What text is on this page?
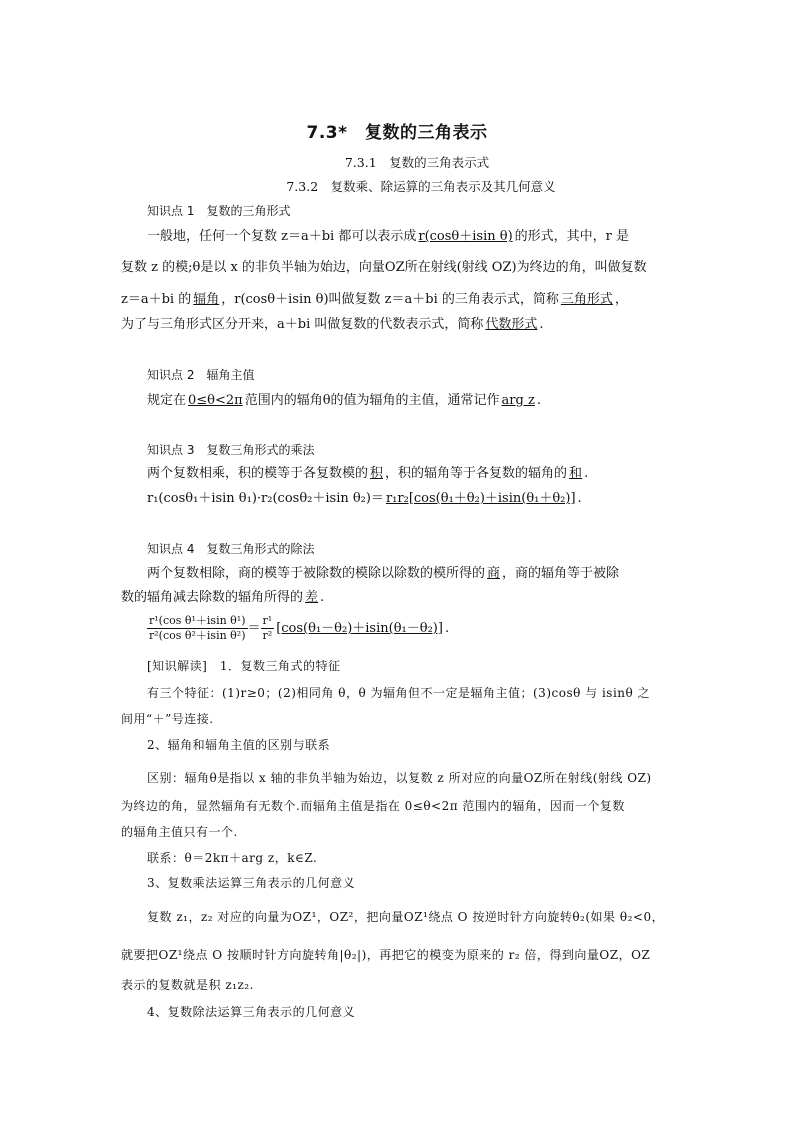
7.3*　复数的三角表示
7.3.1　复数的三角表示式
7.3.2　复数乘、除运算的三角表示及其几何意义
知识点 1　复数的三角形式
一般地，任何一个复数 z＝a＋bi 都可以表示成 r(cosθ＋isin θ) 的形式，其中，r 是
复数 z 的模;θ是以 x 的非负半轴为始边，向量OZ所在射线(射线 OZ)为终边的角，叫做复数
z＝a＋bi 的 辐角 ，r(cosθ＋isin θ)叫做复数 z＝a＋bi 的三角表示式，简称 三角形式 ，
为了与三角形式区分开来，a＋bi 叫做复数的代数表示式，简称 代数形式 .
知识点 2　辐角主值
规定在 0≤θ<2π 范围内的辐角θ的值为辐角的主值，通常记作 arg z .
知识点 3　复数三角形式的乘法
两个复数相乘，积的模等于各复数模的 积 ，积的辐角等于各复数的辐角的 和 .
r₁(cosθ₁＋isin θ₁)·r₂(cosθ₂＋isin θ₂)＝ r₁r₂[cos(θ₁＋θ₂)＋isin(θ₁＋θ₂)] .
知识点 4　复数三角形式的除法
两个复数相除，商的模等于被除数的模除以除数的模所得的 商 ，商的辐角等于被除
数的辐角减去除数的辐角所得的 差 .
$\frac{\text{r¹(cos θ¹＋isin θ¹)}}{\text{r²(cos θ²＋isin θ²)}} = \frac{\text{r¹}}{\text{r²}} [\cos(\theta_1-\theta_2)+isin(\theta_1-\theta_2)]$ .
[知识解读]　1．复数三角式的特征
有三个特征：(1)r≥0；(2)相同角 θ，θ 为辐角但不一定是辐角主值；(3)cosθ 与 isinθ 之
间用“＋”号连接.
2、辐角和辐角主值的区别与联系
区别：辐角θ是指以 x 轴的非负半轴为始边，以复数 z 所对应的向量OZ所在射线(射线 OZ)
为终边的角，显然辐角有无数个.而辐角主值是指在 0≤θ<2π 范围内的辐角，因而一个复数
的辐角主值只有一个.
联系：θ＝2kπ＋arg z，k∈Z.
3、复数乘法运算三角表示的几何意义
复数 z₁，z₂ 对应的向量为OZ¹，OZ²，把向量OZ¹绕点 O 按逆时针方向旋转θ₂(如果 θ₂<0，
就要把OZ¹绕点 O 按顺时针方向旋转角|θ₂|)，再把它的模变为原来的 r₂ 倍，得到向量OZ，OZ
表示的复数就是积 z₁z₂.
4、复数除法运算三角表示的几何意义
